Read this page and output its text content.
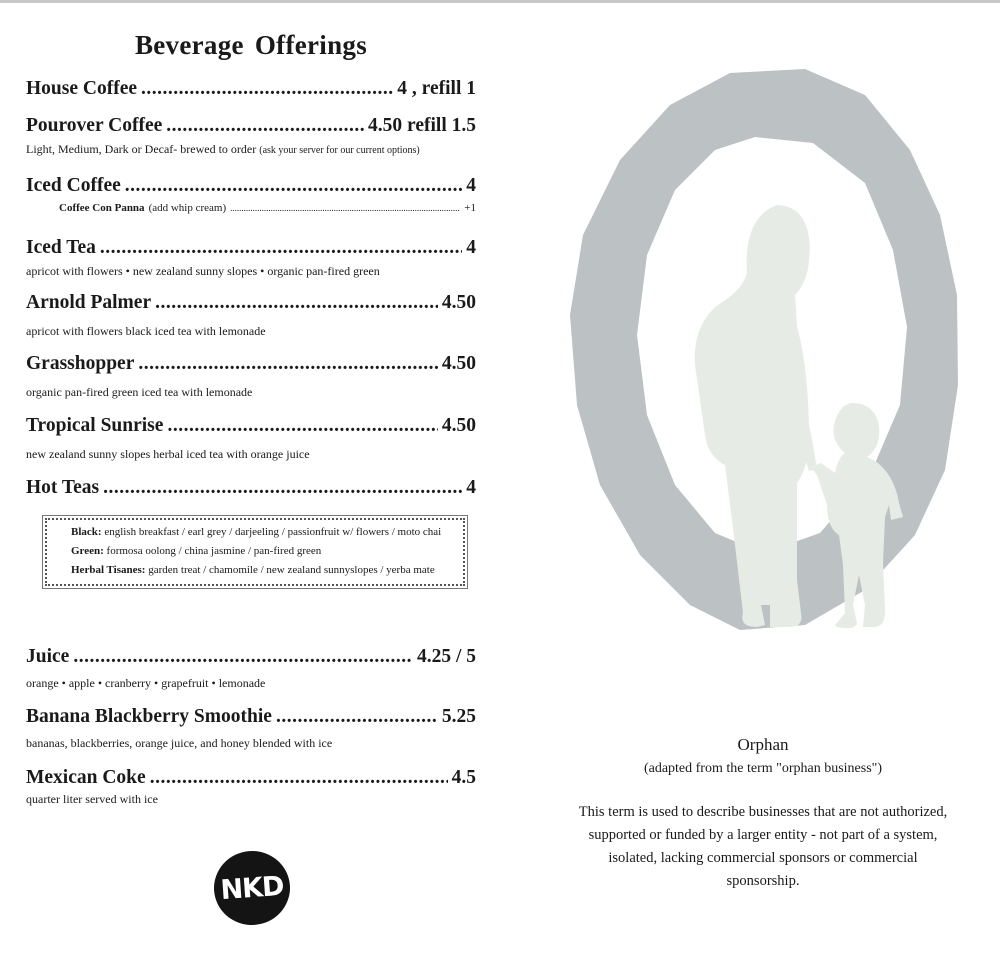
Beverage Offerings
House Coffee .....	4 , refill 1
Pourover Coffee .....	4.50 refill 1.5
Light, Medium, Dark or Decaf- brewed to order (ask your server for our current options)
Iced Coffee .....	4
Coffee Con Panna (add whip cream) .....	+1
Iced Tea .....	4
apricot with flowers • new zealand sunny slopes • organic pan-fired green
Arnold Palmer .....	4.50
apricot with flowers black iced tea with lemonade
Grasshopper .....	4.50
organic pan-fired green iced tea with lemonade
Tropical Sunrise .....	4.50
new zealand sunny slopes herbal iced tea with orange juice
Hot Teas .....	4

Black: english breakfast / earl grey / darjeeling / passionfruit w/ flowers / moto chai

Green: formosa oolong / china jasmine / pan-fired green

Herbal Tisanes: garden treat / chamomile / new zealand sunnyslopes / yerba mate

Juice .....	4.25 / 5
orange • apple • cranberry • grapefruit • lemonade
Banana Blackberry Smoothie .....	5.25
bananas, blackberries, orange juice, and honey blended with ice
Mexican Coke .....	4.5
quarter liter served with ice
NKD

Orphan

(adapted from the term "orphan business")

This term is used to describe businesses that are not authorized, supported or funded by a larger entity - not part of a system, isolated, lacking commercial sponsors or commercial sponsorship.
